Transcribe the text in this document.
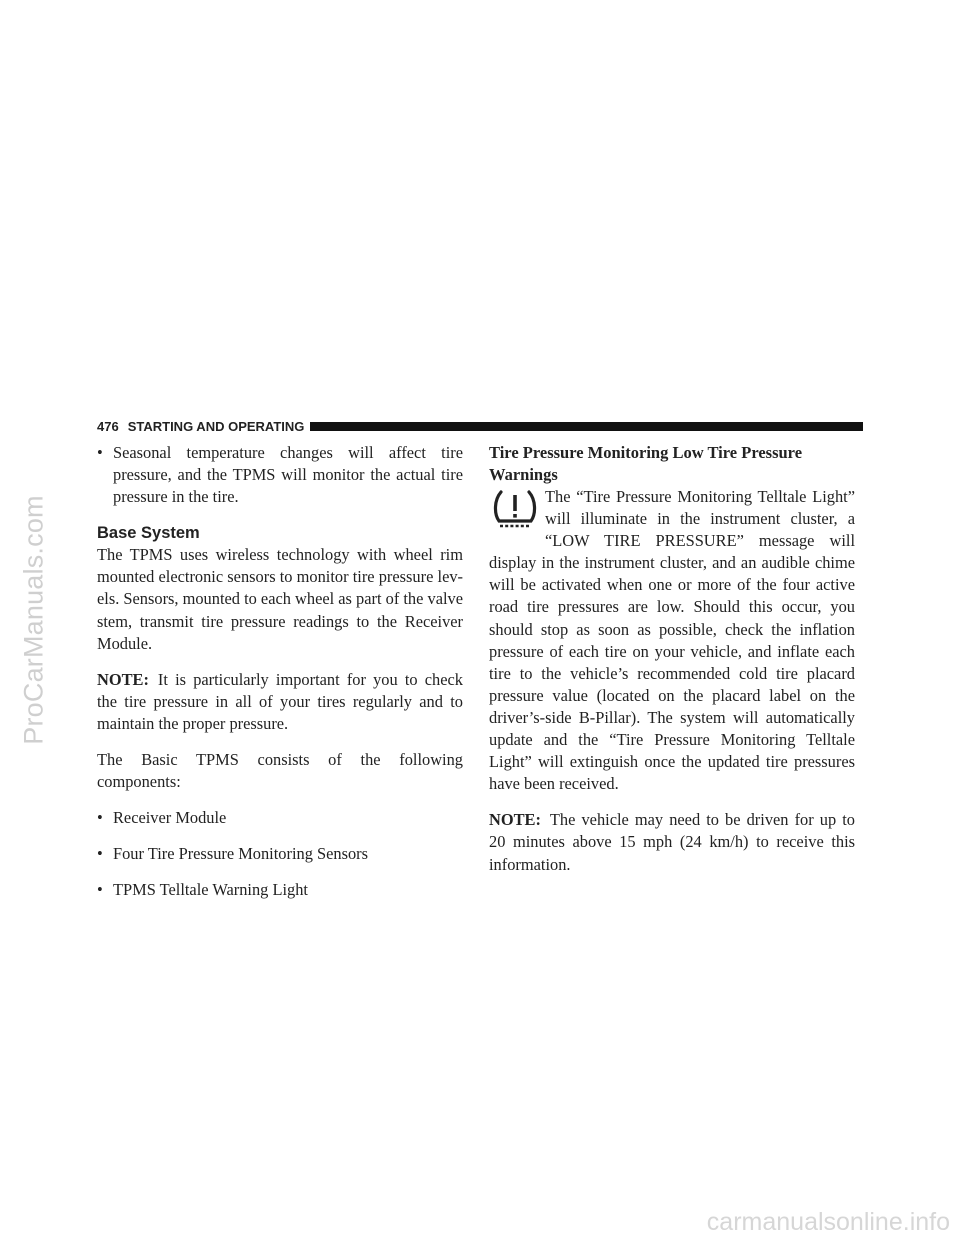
ProCarManuals.com
476 STARTING AND OPERATING
• Seasonal temperature changes will affect tire pressure, and the TPMS will monitor the actual tire pressure in the tire.
Base System

The TPMS uses wireless technology with wheel rim mounted electronic sensors to monitor tire pressure lev-els. Sensors, mounted to each wheel as part of the valve stem, transmit tire pressure readings to the Receiver Module.

NOTE: It is particularly important for you to check the tire pressure in all of your tires regularly and to maintain the proper pressure.

The Basic TPMS consists of the following components:

• Receiver Module
• Four Tire Pressure Monitoring Sensors
• TPMS Telltale Warning Light
Tire Pressure Monitoring Low Tire Pressure Warnings

The “Tire Pressure Monitoring Telltale Light” will illuminate in the instrument cluster, a “LOW TIRE PRESSURE” message will display in the instrument cluster, and an audible chime will be activated when one or more of the four active road tire pressures are low. Should this occur, you should stop as soon as possible, check the inflation pressure of each tire on your vehicle, and inflate each tire to the vehicle’s recommended cold tire placard pressure value (located on the placard label on the driver’s-side B-Pillar). The system will automatically update and the “Tire Pressure Monitoring Telltale Light” will extinguish once the updated tire pressures have been received.

NOTE: The vehicle may need to be driven for up to 20 minutes above 15 mph (24 km/h) to receive this information.

carmanualsonline.info
